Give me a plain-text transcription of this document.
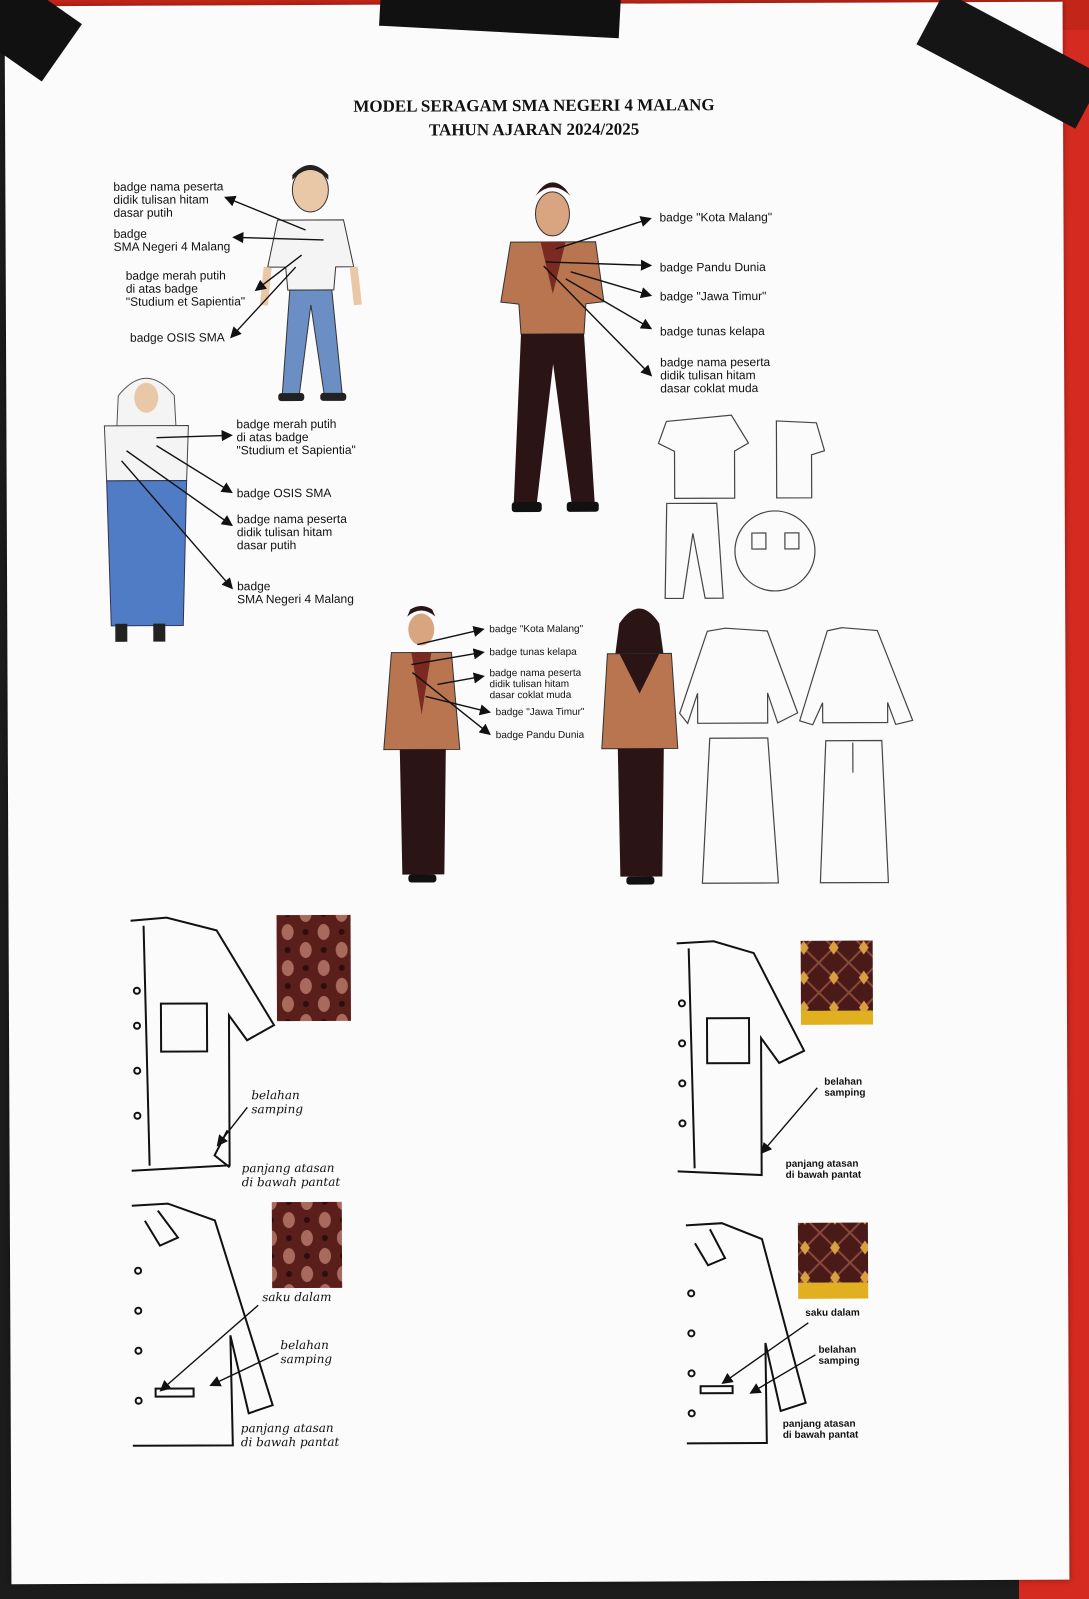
MODEL SERAGAM SMA NEGERI 4 MALANG
TAHUN AJARAN 2024/2025
badge nama peserta
didik tulisan hitam
dasar putih
badge
SMA Negeri 4 Malang
badge merah putih
di atas badge
"Studium et Sapientia"
badge OSIS SMA
badge merah putih
di atas badge
"Studium et Sapientia"
badge OSIS SMA
badge nama peserta
didik tulisan hitam
dasar putih
badge
SMA Negeri 4 Malang
badge "Kota Malang"
badge Pandu Dunia
badge "Jawa Timur"
badge tunas kelapa
badge nama peserta
didik tulisan hitam
dasar coklat muda
badge "Kota Malang"
badge tunas kelapa
badge nama peserta
didik tulisan hitam
dasar coklat muda
badge "Jawa Timur"
badge Pandu Dunia
belahan
samping
panjang atasan
di bawah pantat
saku dalam
belahan
samping
panjang atasan
di bawah pantat
belahan
samping
panjang atasan
di bawah pantat
saku dalam
belahan
samping
panjang atasan
di bawah pantat
